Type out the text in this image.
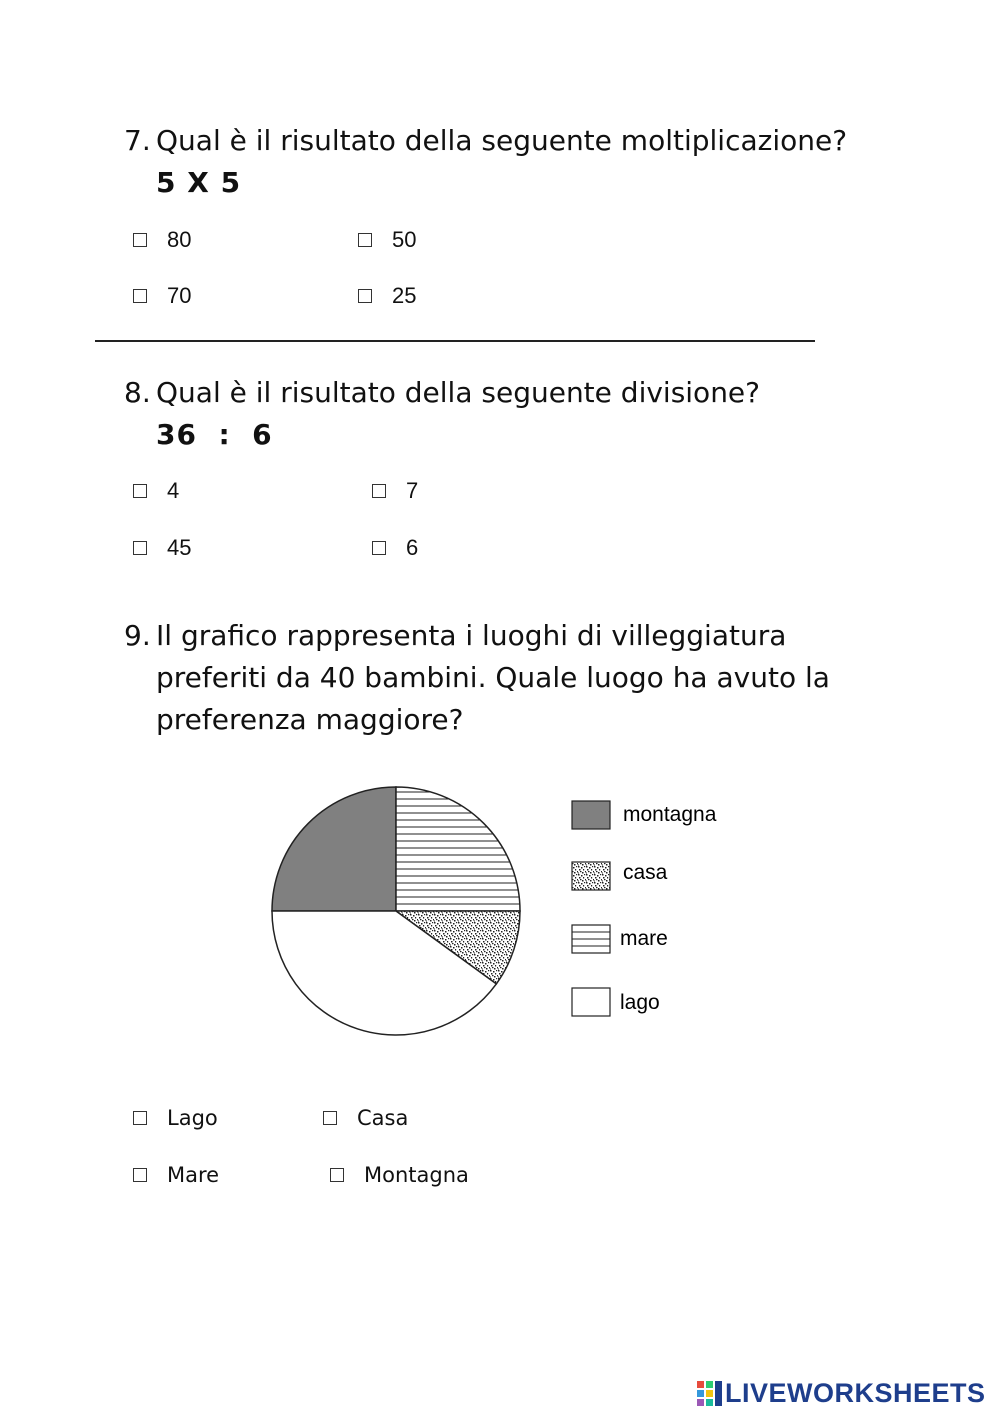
7. Qual è il risultato della seguente moltiplicazione?
5 X 5
80	50
70	25
8. Qual è il risultato della seguente divisione?
36  :  6
4	7
45	6
9. Il grafico rappresenta i luoghi di villeggiatura preferiti da 40 bambini. Quale luogo ha avuto la preferenza maggiore?
montagna
casa
mare
lago
Lago	Casa
Mare	Montagna
LIVEWORKSHEETS
